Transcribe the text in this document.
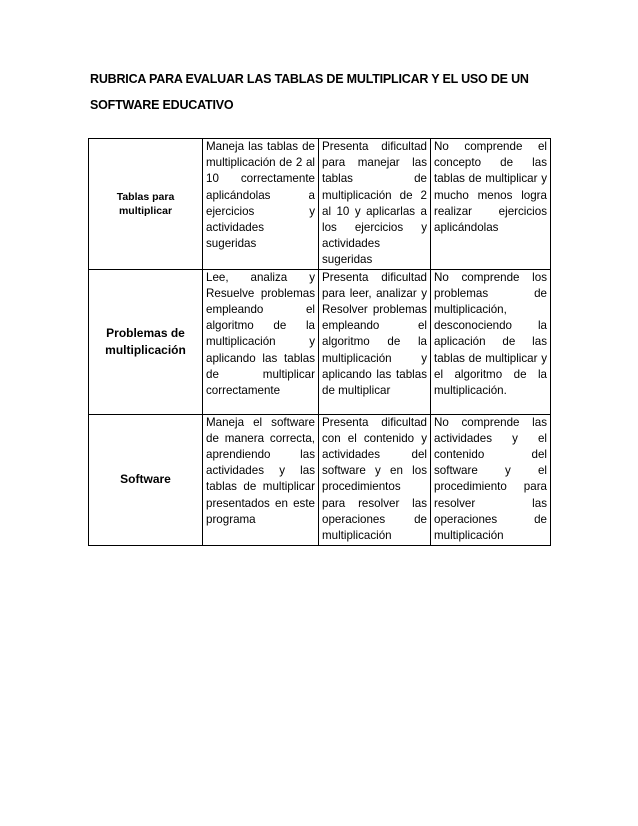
RUBRICA PARA EVALUAR LAS TABLAS DE MULTIPLICAR Y EL USO DE UN SOFTWARE EDUCATIVO
Tablas para multiplicar	Maneja las tablas de multiplicación de 2 al 10 correctamente aplicándolas a ejercicios y actividades sugeridas	Presenta dificultad para manejar las tablas de multiplicación de 2 al 10 y aplicarlas a los ejercicios y actividades sugeridas	No comprende el concepto de las tablas de multiplicar y mucho menos logra realizar ejercicios aplicándolas
Problemas de multiplicación	Lee, analiza y Resuelve problemas empleando el algoritmo de la multiplicación y aplicando las tablas de multiplicar correctamente	Presenta dificultad para leer, analizar y Resolver problemas empleando el algoritmo de la multiplicación y aplicando las tablas de multiplicar	No comprende los problemas de multiplicación, desconociendo la aplicación de las tablas de multiplicar y el algoritmo de la multiplicación.
Software	Maneja el software de manera correcta, aprendiendo las actividades y las tablas de multiplicar presentados en este programa	Presenta dificultad con el contenido y actividades del software y en los procedimientos para resolver las operaciones de multiplicación	No comprende las actividades y el contenido del software y el procedimiento para resolver las operaciones de multiplicación
